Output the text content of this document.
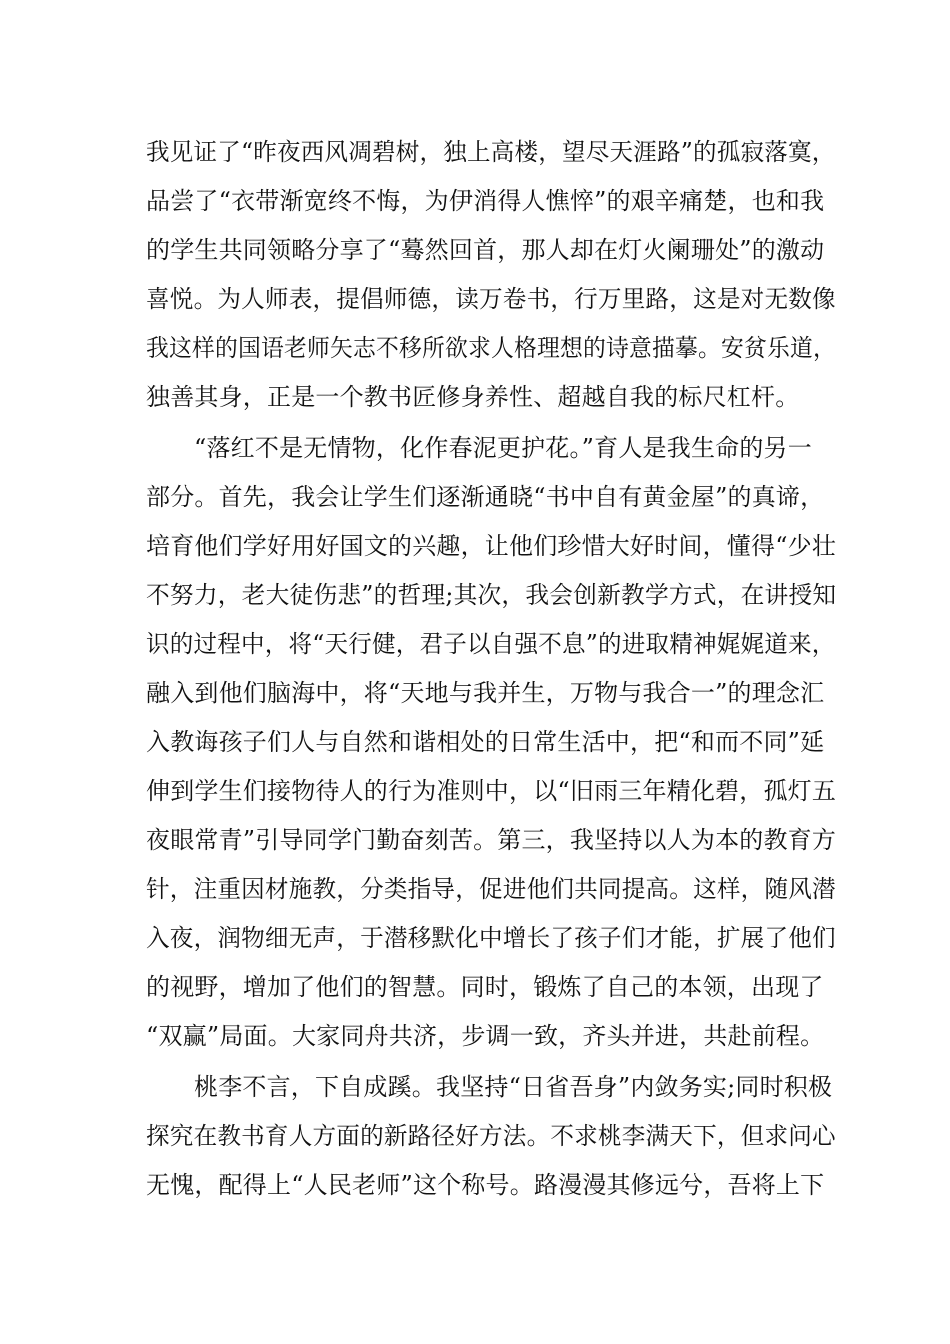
我见证了“昨夜西风凋碧树，独上高楼，望尽天涯路”的孤寂落寞，
品尝了“衣带渐宽终不悔，为伊消得人憔悴”的艰辛痛楚，也和我
的学生共同领略分享了“蓦然回首，那人却在灯火阑珊处”的激动
喜悦。为人师表，提倡师德，读万卷书，行万里路，这是对无数像
我这样的国语老师矢志不移所欲求人格理想的诗意描摹。安贫乐道，
独善其身，正是一个教书匠修身养性、超越自我的标尺杠杆。
“落红不是无情物，化作春泥更护花。”育人是我生命的另一
部分。首先，我会让学生们逐渐通晓“书中自有黄金屋”的真谛，
培育他们学好用好国文的兴趣，让他们珍惜大好时间，懂得“少壮
不努力，老大徒伤悲”的哲理;其次，我会创新教学方式，在讲授知
识的过程中，将“天行健，君子以自强不息”的进取精神娓娓道来，
融入到他们脑海中，将“天地与我并生，万物与我合一”的理念汇
入教诲孩子们人与自然和谐相处的日常生活中，把“和而不同”延
伸到学生们接物待人的行为准则中，以“旧雨三年精化碧，孤灯五
夜眼常青”引导同学门勤奋刻苦。第三，我坚持以人为本的教育方
针，注重因材施教，分类指导，促进他们共同提高。这样，随风潜
入夜，润物细无声，于潜移默化中增长了孩子们才能，扩展了他们
的视野，增加了他们的智慧。同时，锻炼了自己的本领，出现了
“双赢”局面。大家同舟共济，步调一致，齐头并进，共赴前程。
桃李不言，下自成蹊。我坚持“日省吾身”内敛务实;同时积极
探究在教书育人方面的新路径好方法。不求桃李满天下，但求问心
无愧，配得上“人民老师”这个称号。路漫漫其修远兮，吾将上下
